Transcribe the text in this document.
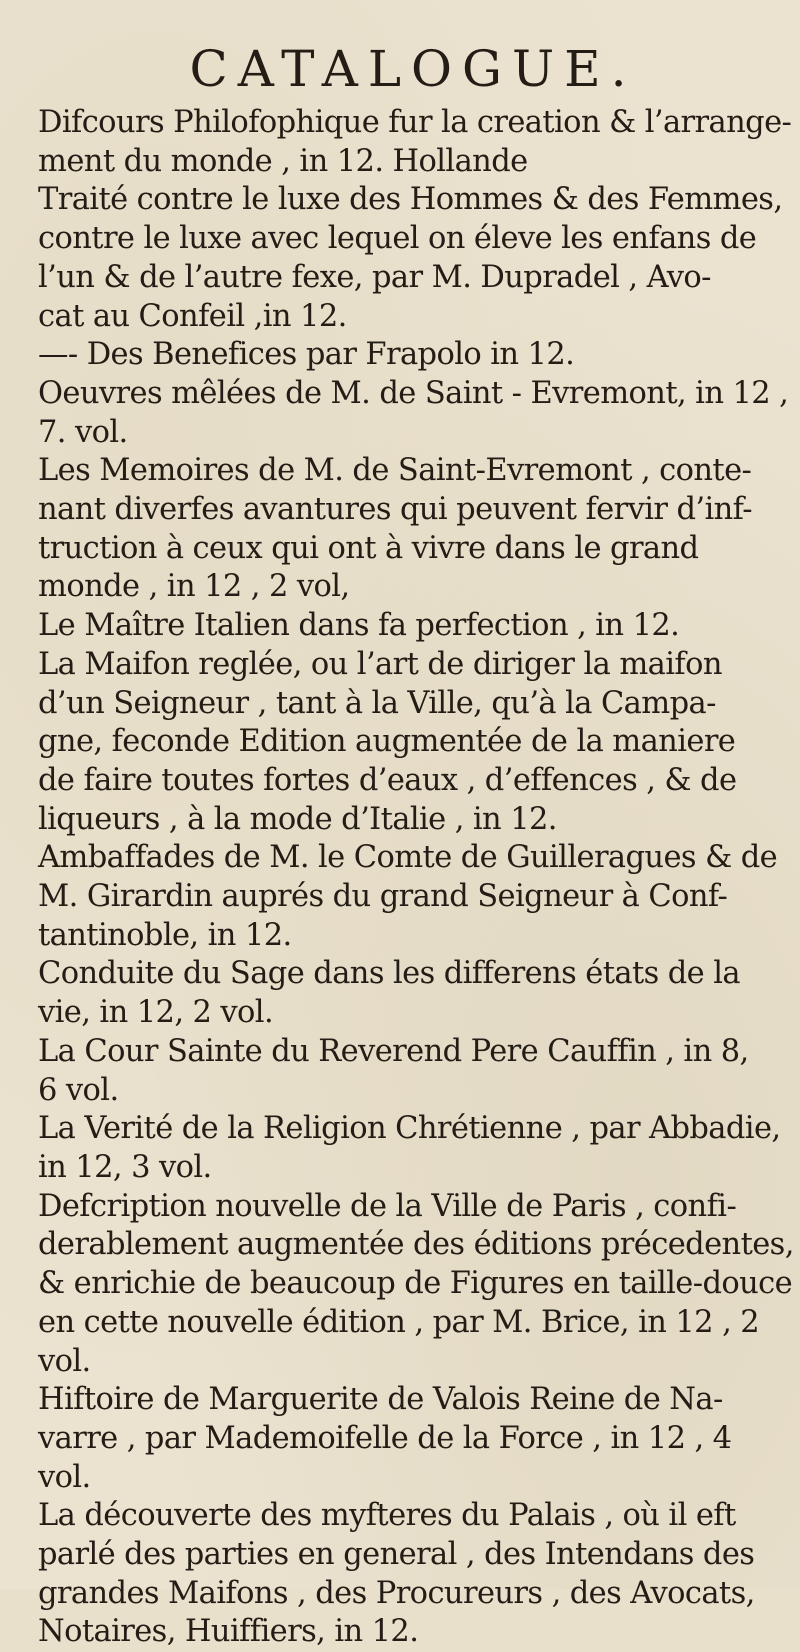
CATALOGUE.

Difcours Philofophique fur la creation & l’arrange-
ment du monde , in 12. Hollande

Traité contre le luxe des Hommes & des Femmes,
contre le luxe avec lequel on éleve les enfans de
l’un & de l’autre fexe, par M. Dupradel , Avo-
cat au Confeil ,in 12.

—- Des Benefices par Frapolo in 12.

Oeuvres mêlées de M. de Saint - Evremont, in 12 ,
7. vol.

Les Memoires de M. de Saint-Evremont , conte-
nant diverfes avantures qui peuvent fervir d’inf-
truction à ceux qui ont à vivre dans le grand
monde , in 12 , 2 vol,

Le Maître Italien dans fa perfection , in 12.

La Maifon reglée, ou l’art de diriger la maifon
d’un Seigneur , tant à la Ville, qu’à la Campa-
gne, feconde Edition augmentée de la maniere
de faire toutes fortes d’eaux , d’effences , & de
liqueurs , à la mode d’Italie , in 12.

Ambaffades de M. le Comte de Guilleragues & de
M. Girardin auprés du grand Seigneur à Conf-
tantinoble, in 12.

Conduite du Sage dans les differens états de la
vie, in 12, 2 vol.

La Cour Sainte du Reverend Pere Cauffin , in 8,
6 vol.

La Verité de la Religion Chrétienne , par Abbadie,
in 12, 3 vol.

Defcription nouvelle de la Ville de Paris , confi-
derablement augmentée des éditions précedentes,
& enrichie de beaucoup de Figures en taille-douce
en cette nouvelle édition , par M. Brice, in 12 , 2
vol.

Hiftoire de Marguerite de Valois Reine de Na-
varre , par Mademoifelle de la Force , in 12 , 4
vol.

La découverte des myfteres du Palais , où il eft
parlé des parties en general , des Intendans des
grandes Maifons , des Procureurs , des Avocats,
Notaires, Huiffiers, in 12.
